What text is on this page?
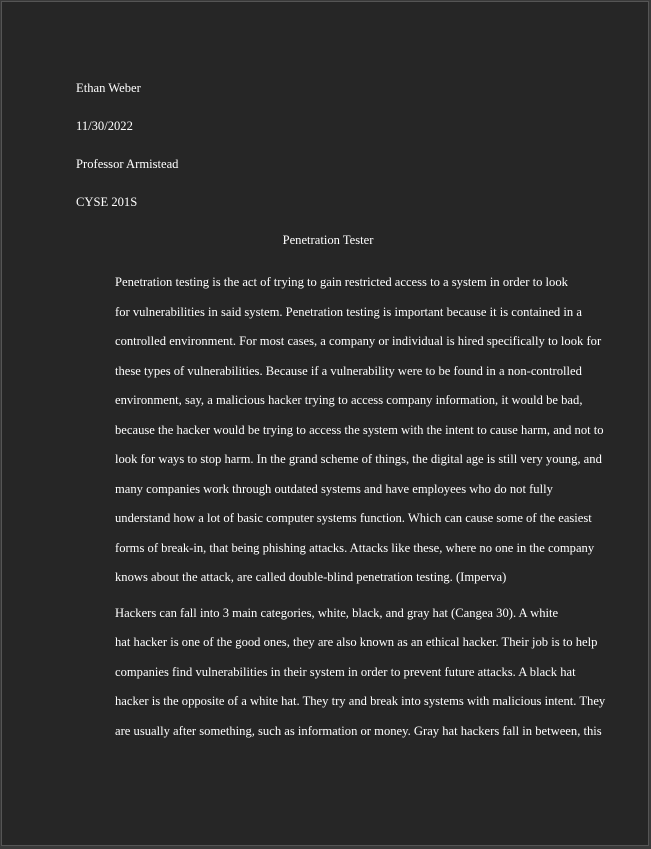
Ethan Weber

11/30/2022

Professor Armistead

CYSE 201S

Penetration Tester

Penetration testing is the act of trying to gain restricted access to a system in order to look
for vulnerabilities in said system. Penetration testing is important because it is contained in a
controlled environment. For most cases, a company or individual is hired specifically to look for
these types of vulnerabilities. Because if a vulnerability were to be found in a non-controlled
environment, say, a malicious hacker trying to access company information, it would be bad,
because the hacker would be trying to access the system with the intent to cause harm, and not to
look for ways to stop harm. In the grand scheme of things, the digital age is still very young, and
many companies work through outdated systems and have employees who do not fully
understand how a lot of basic computer systems function. Which can cause some of the easiest
forms of break-in, that being phishing attacks. Attacks like these, where no one in the company
knows about the attack, are called double-blind penetration testing. (Imperva)

Hackers can fall into 3 main categories, white, black, and gray hat (Cangea 30). A white
hat hacker is one of the good ones, they are also known as an ethical hacker. Their job is to help
companies find vulnerabilities in their system in order to prevent future attacks. A black hat
hacker is the opposite of a white hat. They try and break into systems with malicious intent. They
are usually after something, such as information or money. Gray hat hackers fall in between, this
